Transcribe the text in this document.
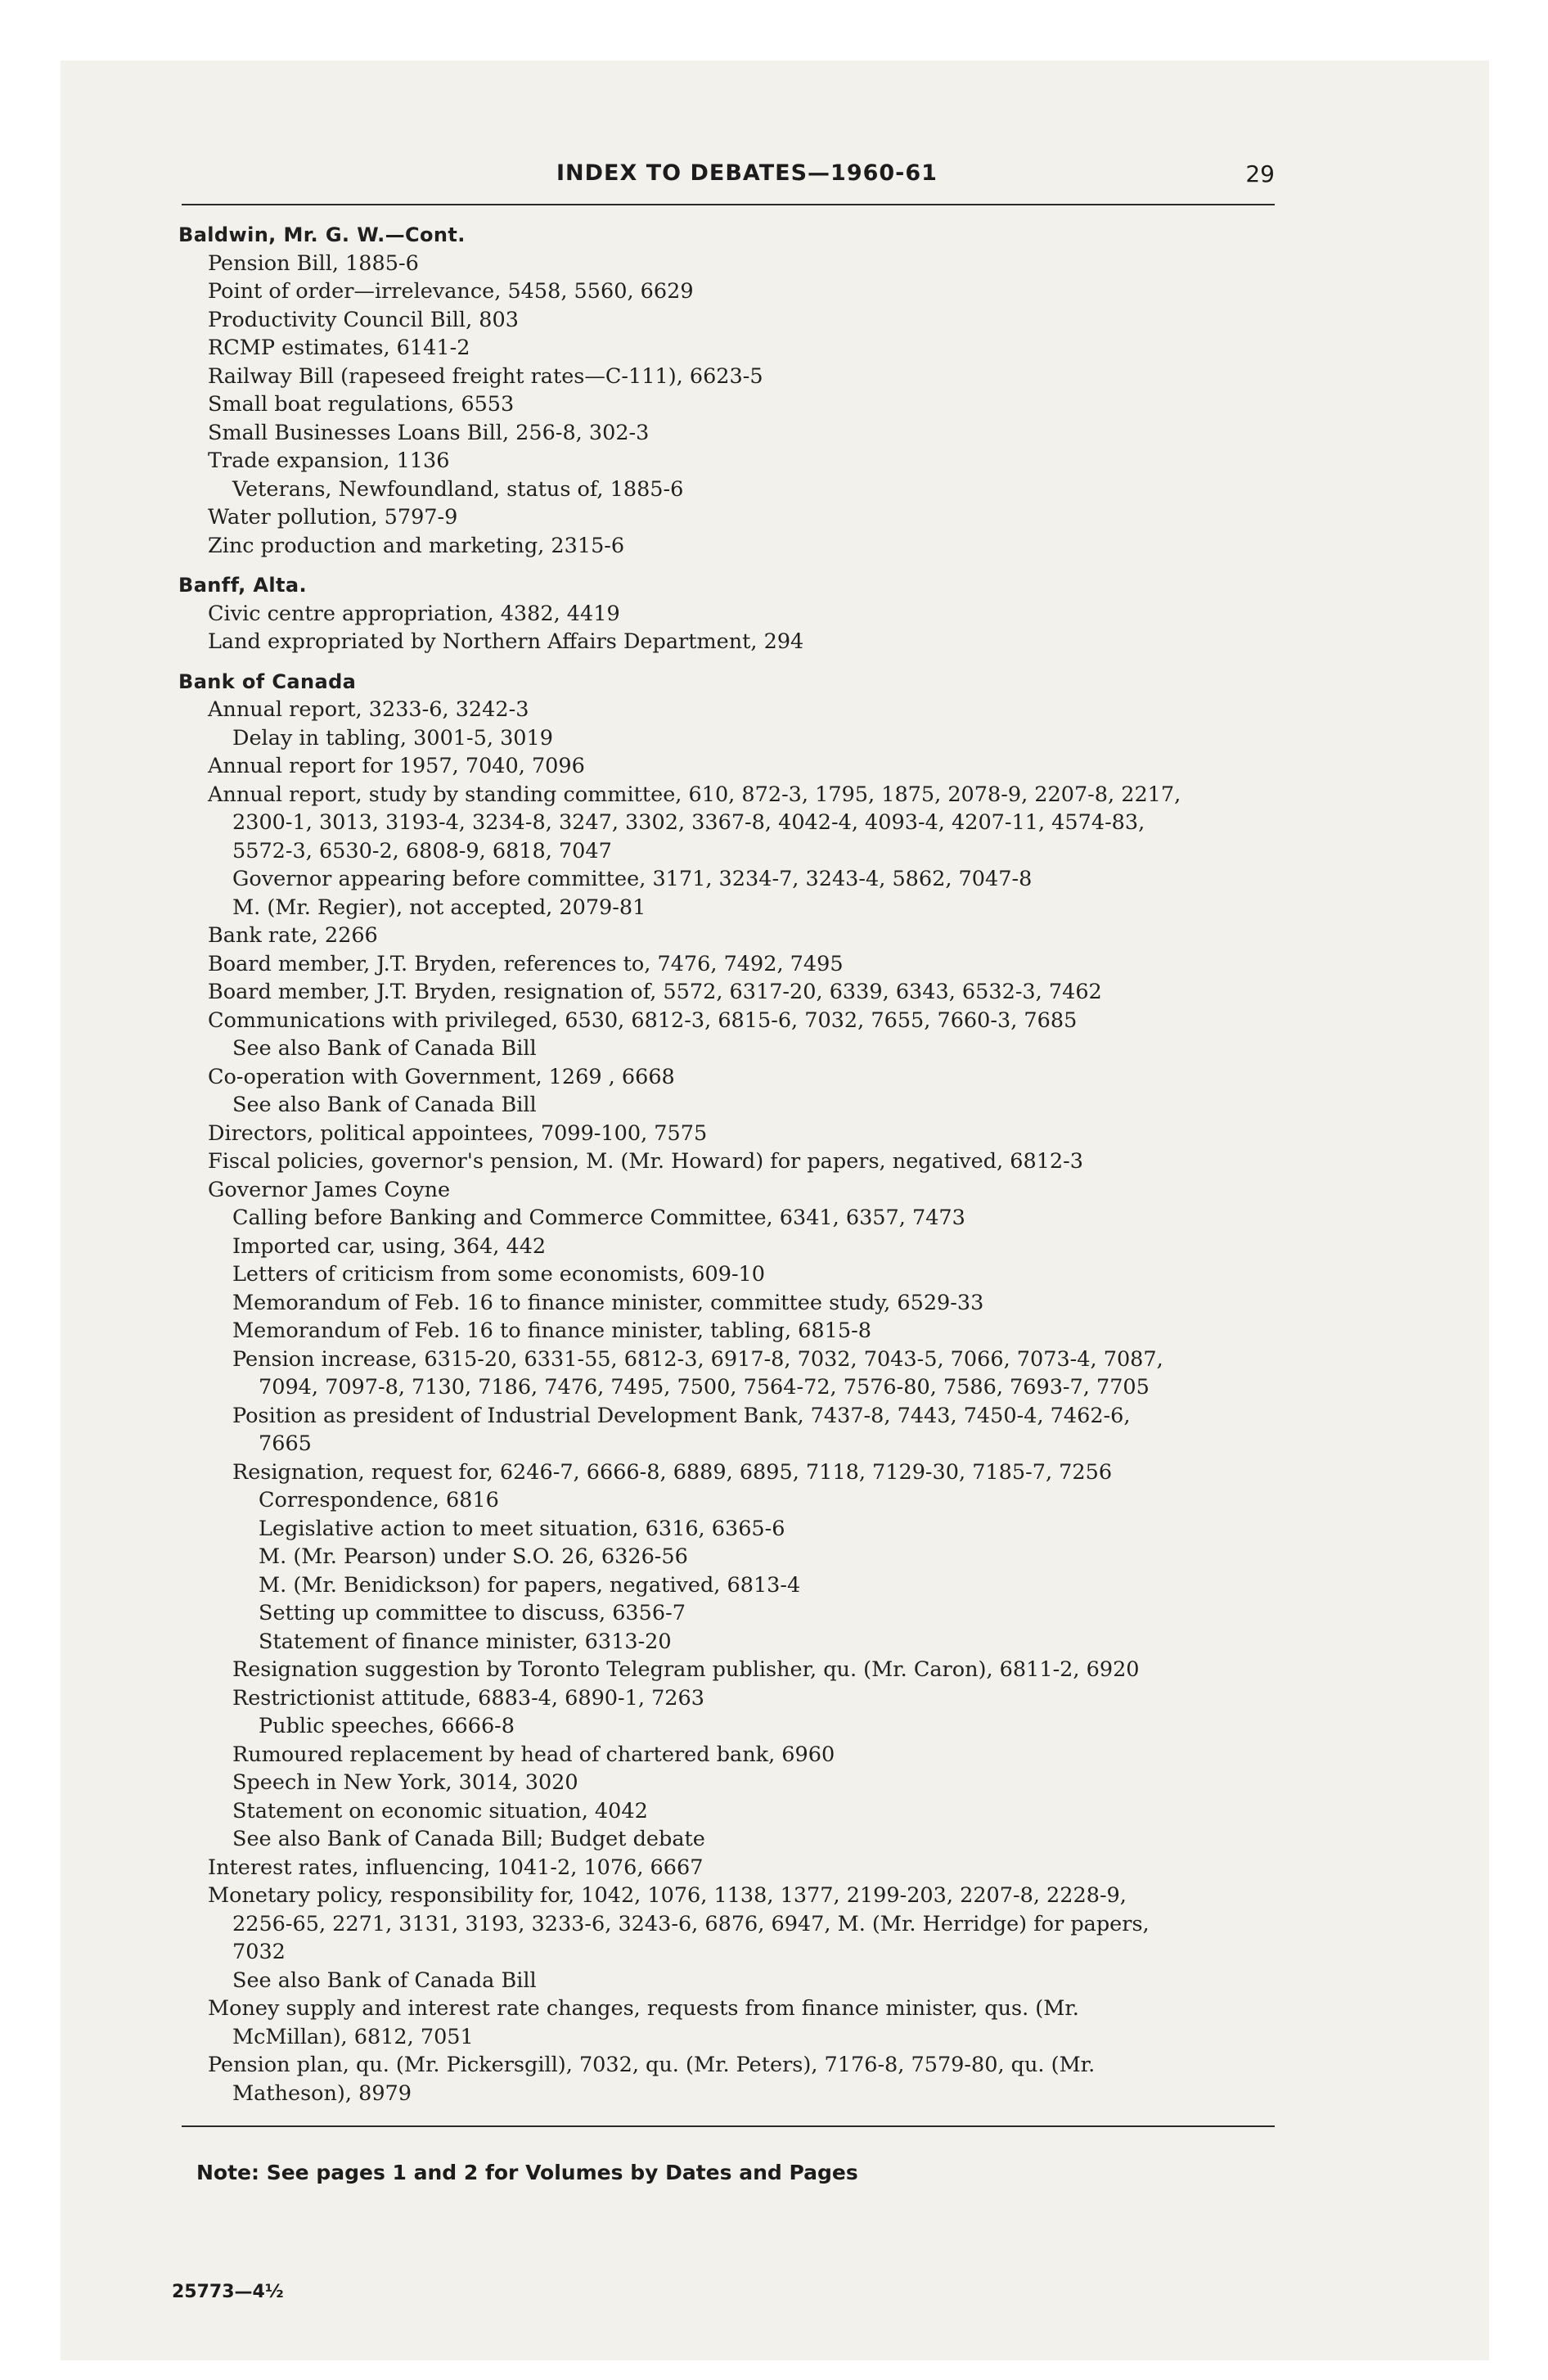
INDEX TO DEBATES—1960-61	29
Baldwin, Mr. G. W.—Cont.
Pension Bill, 1885-6
Point of order—irrelevance, 5458, 5560, 6629
Productivity Council Bill, 803
RCMP estimates, 6141-2
Railway Bill (rapeseed freight rates—C-111), 6623-5
Small boat regulations, 6553
Small Businesses Loans Bill, 256-8, 302-3
Trade expansion, 1136
Veterans, Newfoundland, status of, 1885-6
Water pollution, 5797-9
Zinc production and marketing, 2315-6
Banff, Alta.
Civic centre appropriation, 4382, 4419
Land expropriated by Northern Affairs Department, 294
Bank of Canada
Annual report, 3233-6, 3242-3
Delay in tabling, 3001-5, 3019
Annual report for 1957, 7040, 7096
Annual report, study by standing committee, 610, 872-3, 1795, 1875, 2078-9, 2207-8, 2217,
2300-1, 3013, 3193-4, 3234-8, 3247, 3302, 3367-8, 4042-4, 4093-4, 4207-11, 4574-83,
5572-3, 6530-2, 6808-9, 6818, 7047
Governor appearing before committee, 3171, 3234-7, 3243-4, 5862, 7047-8
M. (Mr. Regier), not accepted, 2079-81
Bank rate, 2266
Board member, J.T. Bryden, references to, 7476, 7492, 7495
Board member, J.T. Bryden, resignation of, 5572, 6317-20, 6339, 6343, 6532-3, 7462
Communications with privileged, 6530, 6812-3, 6815-6, 7032, 7655, 7660-3, 7685
See also Bank of Canada Bill
Co-operation with Government, 1269 , 6668
See also Bank of Canada Bill
Directors, political appointees, 7099-100, 7575
Fiscal policies, governor's pension, M. (Mr. Howard) for papers, negatived, 6812-3
Governor James Coyne
Calling before Banking and Commerce Committee, 6341, 6357, 7473
Imported car, using, 364, 442
Letters of criticism from some economists, 609-10
Memorandum of Feb. 16 to finance minister, committee study, 6529-33
Memorandum of Feb. 16 to finance minister, tabling, 6815-8
Pension increase, 6315-20, 6331-55, 6812-3, 6917-8, 7032, 7043-5, 7066, 7073-4, 7087,
7094, 7097-8, 7130, 7186, 7476, 7495, 7500, 7564-72, 7576-80, 7586, 7693-7, 7705
Position as president of Industrial Development Bank, 7437-8, 7443, 7450-4, 7462-6,
7665
Resignation, request for, 6246-7, 6666-8, 6889, 6895, 7118, 7129-30, 7185-7, 7256
Correspondence, 6816
Legislative action to meet situation, 6316, 6365-6
M. (Mr. Pearson) under S.O. 26, 6326-56
M. (Mr. Benidickson) for papers, negatived, 6813-4
Setting up committee to discuss, 6356-7
Statement of finance minister, 6313-20
Resignation suggestion by Toronto Telegram publisher, qu. (Mr. Caron), 6811-2, 6920
Restrictionist attitude, 6883-4, 6890-1, 7263
Public speeches, 6666-8
Rumoured replacement by head of chartered bank, 6960
Speech in New York, 3014, 3020
Statement on economic situation, 4042
See also Bank of Canada Bill; Budget debate
Interest rates, influencing, 1041-2, 1076, 6667
Monetary policy, responsibility for, 1042, 1076, 1138, 1377, 2199-203, 2207-8, 2228-9,
2256-65, 2271, 3131, 3193, 3233-6, 3243-6, 6876, 6947, M. (Mr. Herridge) for papers,
7032
See also Bank of Canada Bill
Money supply and interest rate changes, requests from finance minister, qus. (Mr.
McMillan), 6812, 7051
Pension plan, qu. (Mr. Pickersgill), 7032, qu. (Mr. Peters), 7176-8, 7579-80, qu. (Mr.
Matheson), 8979
Note: See pages 1 and 2 for Volumes by Dates and Pages
25773—4½
